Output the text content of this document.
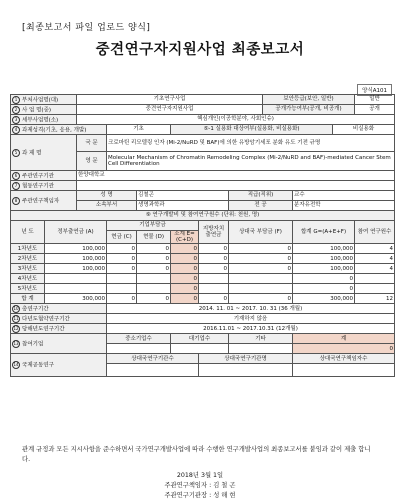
[최종보고서 파일 업로드 양식]
중견연구자지원사업 최종보고서
양식A101
1 부처사업명(대)		기초연구사업						보안등급(보안, 일반)			일반
2 사 업 명(중)		중견연구자지원사업						공개가능여부(공개, 비공개)			공개
3 세부사업명(소)		핵심개인(이공학분야, 사회인슈)									
4 과제성격(기초, 응용, 개발)			기초		⑤-1 실용화 대상여부(실용화, 비실용화)					비실용화	
5 과 제 명		국 문	크로마틴 리모델링 인자 (Mi-2/NuRD 및 BAF)에 의한 유방암기세포 분화 유도 기전 규명								
		영 문	Molecular Mechanism of Chromatin Remodeling Complex (Mi-2/NuRD and BAF)-mediated Cancer Stem Cell Differentiation								
6 주관연구기관		한양대학교									
7 협동연구기관											
8 주관연구책임자		성 명		김철곤			직급(직위)		교수		
		소속부서		생명과학과			전 공		분자유전학		
⑨ 연구개발비 및 참여연구원수 (단위: 천원, 명)											
년 도	정부출연금 (A)		기업부담금			지방자치 출연금	상대국 부담금 (F)		합계 G=(A+E+F)		참여 연구원수
			현금 (C)	현물 (D)	소계 E=(C+D)						
1차년도	100,000		0	0	0	0	0		100,000		4
2차년도	100,000		0	0	0	0	0		100,000		4
3차년도	100,000		0	0	0	0	0		100,000		4
4차년도					0				0		
5차년도					0				0		
합 계	300,000		0	0	0	0	0		300,000		12
10 총연구기간			2014. 11. 01 ~ 2017. 10. 31 (36 개월)								
11 다년도협약연구기간			기재하지 않음								
12 당해년도연구기간			2016.11.01 ~ 2017.10.31 (12개월)								
13 참여기업			중소기업수		대기업수		기타		계		
									0		
14 국제공동연구			상대국연구기관수			상대국연구기관명			상대국연구책임자수		

관계 규정과 모든 지시사항을 준수하면서 국가연구개발사업에 따라 수행한 연구개발사업의 최종보고서를 붙임과 같이 제출 합니다.
2018년 3월 1일
주관연구책임자 : 김 철 곤
주관연구기관장 : 성 해 현
